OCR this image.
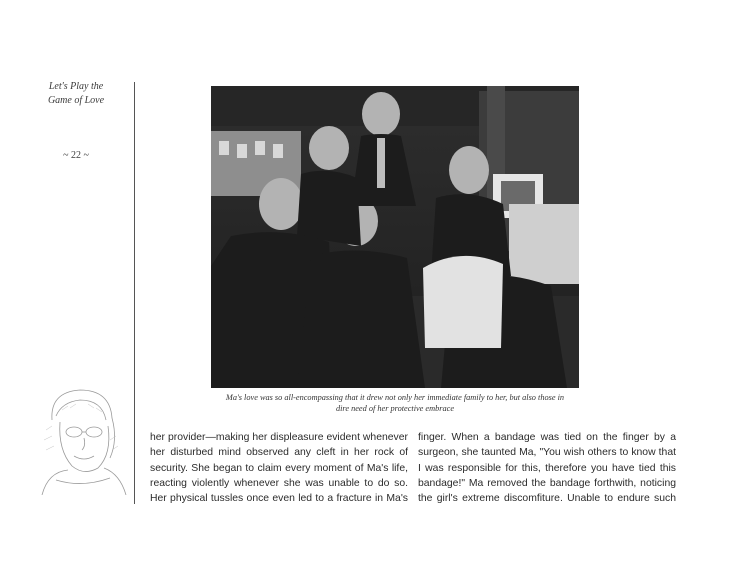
Let's Play the
Game of Love
~ 22 ~
Ma's love was so all-encompassing that it drew not only her immediate family to her, but also those in
dire need of her protective embrace
her provider—making her displeasure evident whenever
her disturbed mind observed any cleft in her rock of
security. She began to claim every moment of Ma's life,
reacting violently whenever she was unable to do so.
Her physical tussles once even led to a fracture in Ma's
finger. When a bandage was tied on the finger by a
surgeon, she taunted Ma, "You wish others to know that
I was responsible for this, therefore you have tied this
bandage!" Ma removed the bandage forthwith, noticing
the girl's extreme discomfiture. Unable to endure such
